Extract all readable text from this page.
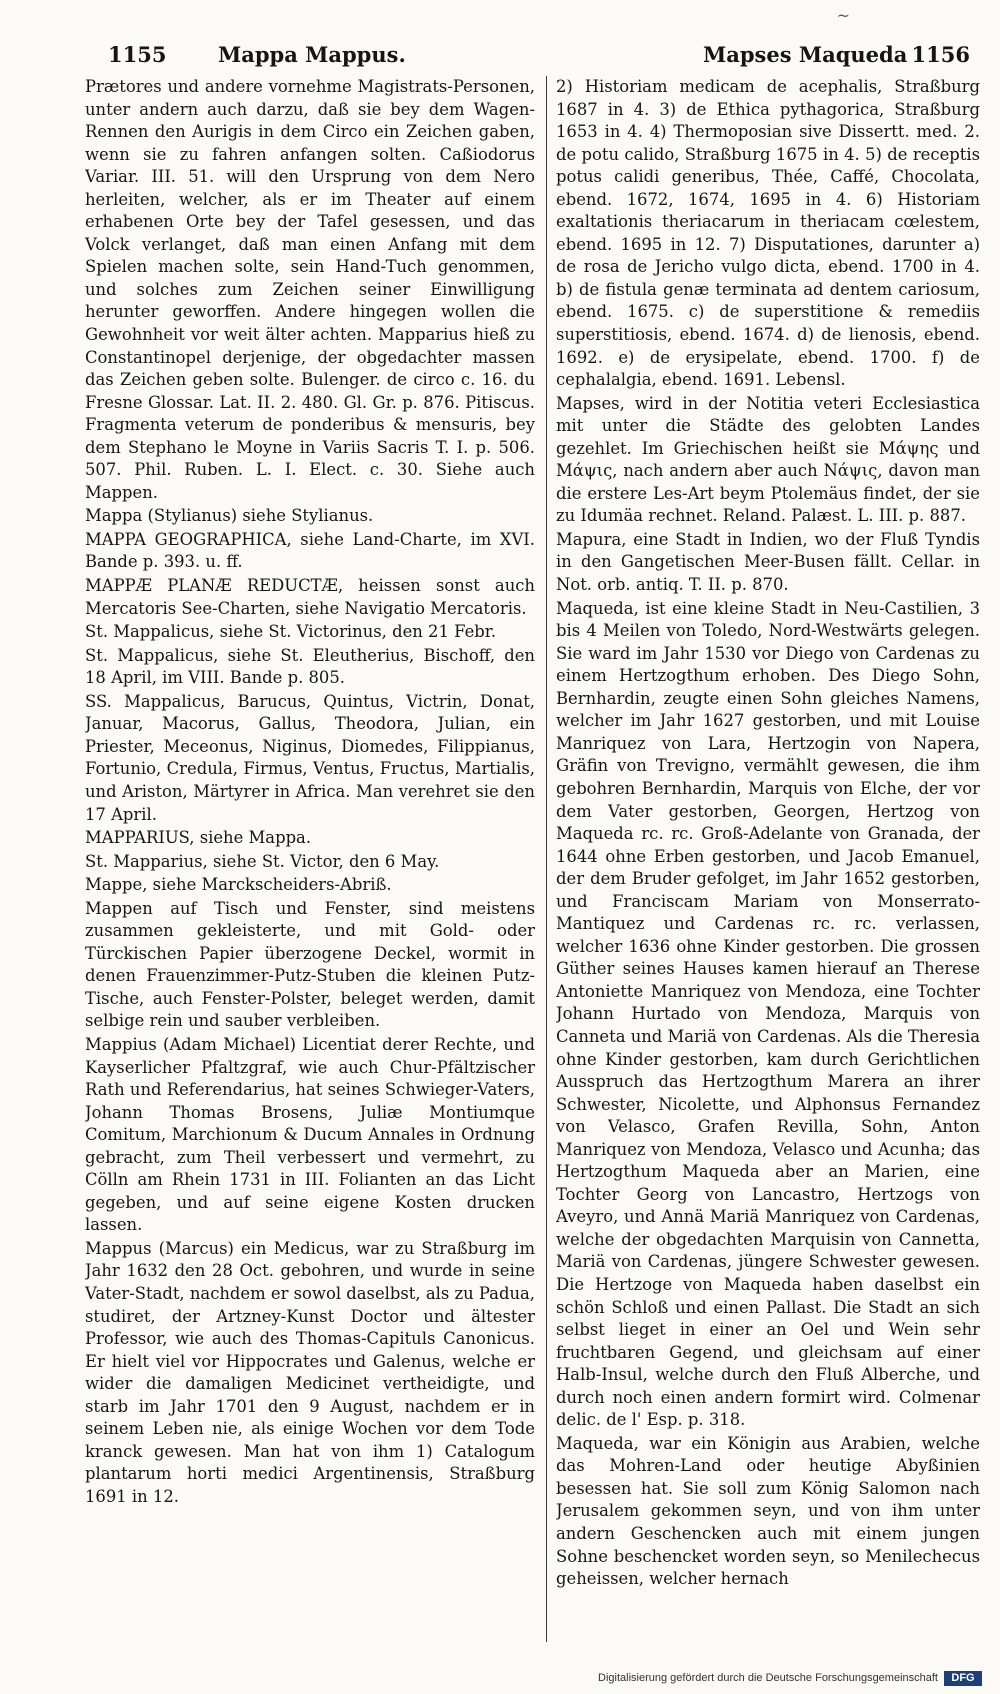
~
1155 Mappa Mappus.	Mapses Maqueda 1156

Prætores und andere vornehme Magistrats-Personen, unter andern auch darzu, daß sie bey dem Wagen-Rennen den Aurigis in dem Circo ein Zeichen gaben, wenn sie zu fahren anfangen solten. Caßiodorus Variar. III. 51. will den Ursprung von dem Nero herleiten, welcher, als er im Theater auf einem erhabenen Orte bey der Tafel gesessen, und das Volck verlanget, daß man einen Anfang mit dem Spielen machen solte, sein Hand-Tuch genommen, und solches zum Zeichen seiner Einwilligung herunter geworffen. Andere hingegen wollen die Gewohnheit vor weit älter achten. Mapparius hieß zu Constantinopel derjenige, der obgedachter massen das Zeichen geben solte. Bulenger. de circo c. 16. du Fresne Glossar. Lat. II. 2. 480. Gl. Gr. p. 876. Pitiscus. Fragmenta veterum de ponderibus & mensuris, bey dem Stephano le Moyne in Variis Sacris T. I. p. 506. 507. Phil. Ruben. L. I. Elect. c. 30. Siehe auch Mappen.

Mappa (Stylianus) siehe Stylianus.

MAPPA GEOGRAPHICA, siehe Land-Charte, im XVI. Bande p. 393. u. ff.

MAPPÆ PLANÆ REDUCTÆ, heissen sonst auch Mercatoris See-Charten, siehe Navigatio Mercatoris.

St. Mappalicus, siehe St. Victorinus, den 21 Febr.

St. Mappalicus, siehe St. Eleutherius, Bischoff, den 18 April, im VIII. Bande p. 805.

SS. Mappalicus, Barucus, Quintus, Victrin, Donat, Januar, Macorus, Gallus, Theodora, Julian, ein Priester, Meceonus, Niginus, Diomedes, Filippianus, Fortunio, Credula, Firmus, Ventus, Fructus, Martialis, und Ariston, Märtyrer in Africa. Man verehret sie den 17 April.

MAPPARIUS, siehe Mappa.

St. Mapparius, siehe St. Victor, den 6 May.

Mappe, siehe Marckscheiders-Abriß.

Mappen auf Tisch und Fenster, sind meistens zusammen gekleisterte, und mit Gold- oder Türckischen Papier überzogene Deckel, wormit in denen Frauenzimmer-Putz-Stuben die kleinen Putz-Tische, auch Fenster-Polster, beleget werden, damit selbige rein und sauber verbleiben.

Mappius (Adam Michael) Licentiat derer Rechte, und Kayserlicher Pfaltzgraf, wie auch Chur-Pfältzischer Rath und Referendarius, hat seines Schwieger-Vaters, Johann Thomas Brosens, Juliæ Montiumque Comitum, Marchionum & Ducum Annales in Ordnung gebracht, zum Theil verbessert und vermehrt, zu Cölln am Rhein 1731 in III. Folianten an das Licht gegeben, und auf seine eigene Kosten drucken lassen.

Mappus (Marcus) ein Medicus, war zu Straßburg im Jahr 1632 den 28 Oct. gebohren, und wurde in seine Vater-Stadt, nachdem er sowol daselbst, als zu Padua, studiret, der Artzney-Kunst Doctor und ältester Professor, wie auch des Thomas-Capituls Canonicus. Er hielt viel vor Hippocrates und Galenus, welche er wider die damaligen Medicinet vertheidigte, und starb im Jahr 1701 den 9 August, nachdem er in seinem Leben nie, als einige Wochen vor dem Tode kranck gewesen. Man hat von ihm 1) Catalogum plantarum horti medici Argentinensis, Straßburg 1691 in 12.

2) Historiam medicam de acephalis, Straßburg 1687 in 4. 3) de Ethica pythagorica, Straßburg 1653 in 4. 4) Thermoposian sive Dissertt. med. 2. de potu calido, Straßburg 1675 in 4. 5) de receptis potus calidi generibus, Thée, Caffé, Chocolata, ebend. 1672, 1674, 1695 in 4. 6) Historiam exaltationis theriacarum in theriacam cœlestem, ebend. 1695 in 12. 7) Disputationes, darunter a) de rosa de Jericho vulgo dicta, ebend. 1700 in 4. b) de fistula genæ terminata ad dentem cariosum, ebend. 1675. c) de superstitione & remediis superstitiosis, ebend. 1674. d) de lienosis, ebend. 1692. e) de erysipelate, ebend. 1700. f) de cephalalgia, ebend. 1691. Lebensl.

Mapses, wird in der Notitia veteri Ecclesiastica mit unter die Städte des gelobten Landes gezehlet. Im Griechischen heißt sie Μάψης und Μάψις, nach andern aber auch Νάψις, davon man die erstere Les-Art beym Ptolemäus findet, der sie zu Idumäa rechnet. Reland. Palæst. L. III. p. 887.

Mapura, eine Stadt in Indien, wo der Fluß Tyndis in den Gangetischen Meer-Busen fällt. Cellar. in Not. orb. antiq. T. II. p. 870.

Maqueda, ist eine kleine Stadt in Neu-Castilien, 3 bis 4 Meilen von Toledo, Nord-Westwärts gelegen. Sie ward im Jahr 1530 vor Diego von Cardenas zu einem Hertzogthum erhoben. Des Diego Sohn, Bernhardin, zeugte einen Sohn gleiches Namens, welcher im Jahr 1627 gestorben, und mit Louise Manriquez von Lara, Hertzogin von Napera, Gräfin von Trevigno, vermählt gewesen, die ihm gebohren Bernhardin, Marquis von Elche, der vor dem Vater gestorben, Georgen, Hertzog von Maqueda rc. rc. Groß-Adelante von Granada, der 1644 ohne Erben gestorben, und Jacob Emanuel, der dem Bruder gefolget, im Jahr 1652 gestorben, und Franciscam Mariam von Monserrato-Mantiquez und Cardenas rc. rc. verlassen, welcher 1636 ohne Kinder gestorben. Die grossen Güther seines Hauses kamen hierauf an Therese Antoniette Manriquez von Mendoza, eine Tochter Johann Hurtado von Mendoza, Marquis von Canneta und Mariä von Cardenas. Als die Theresia ohne Kinder gestorben, kam durch Gerichtlichen Ausspruch das Hertzogthum Marera an ihrer Schwester, Nicolette, und Alphonsus Fernandez von Velasco, Grafen Revilla, Sohn, Anton Manriquez von Mendoza, Velasco und Acunha; das Hertzogthum Maqueda aber an Marien, eine Tochter Georg von Lancastro, Hertzogs von Aveyro, und Annä Mariä Manriquez von Cardenas, welche der obgedachten Marquisin von Cannetta, Mariä von Cardenas, jüngere Schwester gewesen. Die Hertzoge von Maqueda haben daselbst ein schön Schloß und einen Pallast. Die Stadt an sich selbst lieget in einer an Oel und Wein sehr fruchtbaren Gegend, und gleichsam auf einer Halb-Insul, welche durch den Fluß Alberche, und durch noch einen andern formirt wird. Colmenar delic. de l' Esp. p. 318.

Maqueda, war ein Königin aus Arabien, welche das Mohren-Land oder heutige Abyßinien besessen hat. Sie soll zum König Salomon nach Jerusalem gekommen seyn, und von ihm unter andern Geschencken auch mit einem jungen Sohne beschencket worden seyn, so Menilechecus geheissen, welcher hernach

Digitalisierung gefördert durch die Deutsche Forschungsgemeinschaft	DFG
